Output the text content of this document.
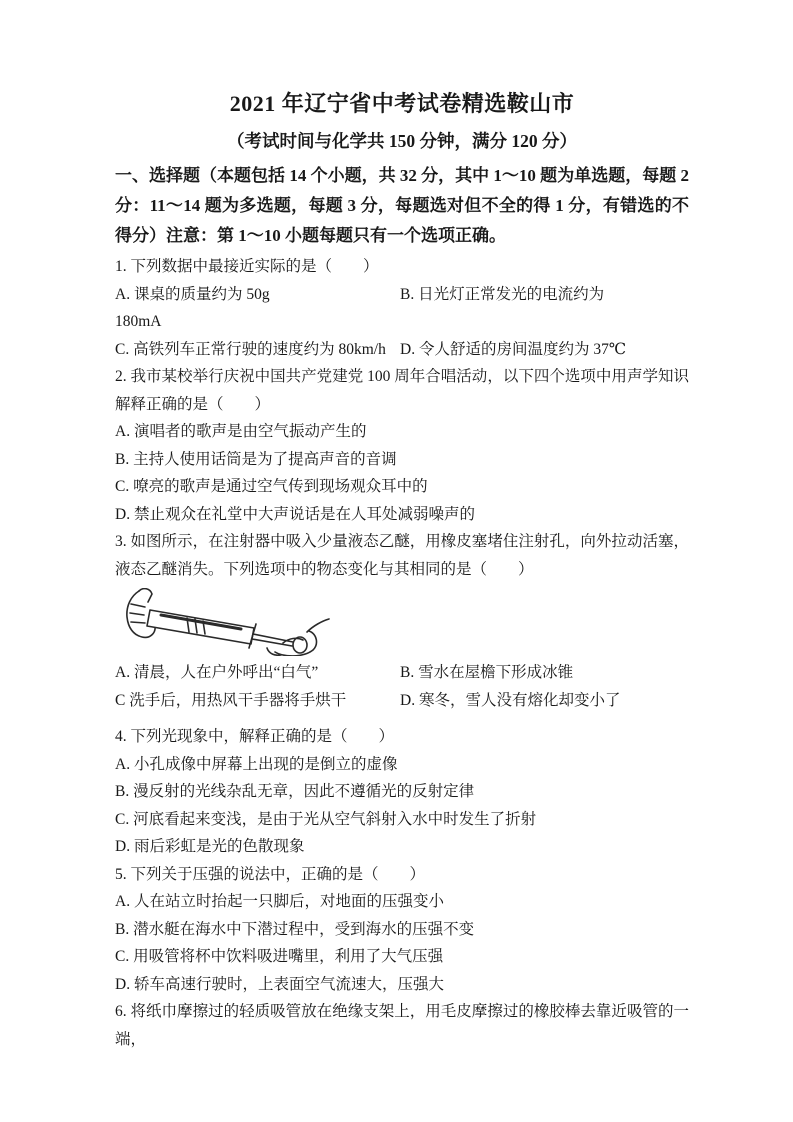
2021 年辽宁省中考试卷精选鞍山市
（考试时间与化学共 150 分钟，满分 120 分）

一、选择题（本题包括 14 个小题，共 32 分，其中 1～10 题为单选题，每题 2 分：11～14 题为多选题，每题 3 分，每题选对但不全的得 1 分，有错选的不得分）注意：第 1～10 小题每题只有一个选项正确。

1. 下列数据中最接近实际的是（　　）

A. 课桌的质量约为 50g	B. 日光灯正常发光的电流约为
180mA
C. 高铁列车正常行驶的速度约为 80km/h D. 令人舒适的房间温度约为 37℃

2. 我市某校举行庆祝中国共产党建党 100 周年合唱活动，以下四个选项中用声学知识解释正确的是（　　）

A. 演唱者的歌声是由空气振动产生的
B. 主持人使用话筒是为了提高声音的音调
C. 嘹亮的歌声是通过空气传到现场观众耳中的
D. 禁止观众在礼堂中大声说话是在人耳处减弱噪声的

3. 如图所示，在注射器中吸入少量液态乙醚，用橡皮塞堵住注射孔，向外拉动活塞，液态乙醚消失。下列选项中的物态变化与其相同的是（　　）

A. 清晨，人在户外呼出“白气”	B. 雪水在屋檐下形成冰锥
C 洗手后，用热风干手器将手烘干	D. 寒冬，雪人没有熔化却变小了

4. 下列光现象中，解释正确的是（　　）

A. 小孔成像中屏幕上出现的是倒立的虚像
B. 漫反射的光线杂乱无章，因此不遵循光的反射定律
C. 河底看起来变浅，是由于光从空气斜射入水中时发生了折射
D. 雨后彩虹是光的色散现象

5. 下列关于压强的说法中，正确的是（　　）

A. 人在站立时抬起一只脚后，对地面的压强变小
B. 潜水艇在海水中下潜过程中，受到海水的压强不变
C. 用吸管将杯中饮料吸进嘴里，利用了大气压强
D. 轿车高速行驶时，上表面空气流速大，压强大

6. 将纸巾摩擦过的轻质吸管放在绝缘支架上，用毛皮摩擦过的橡胶棒去靠近吸管的一端，
